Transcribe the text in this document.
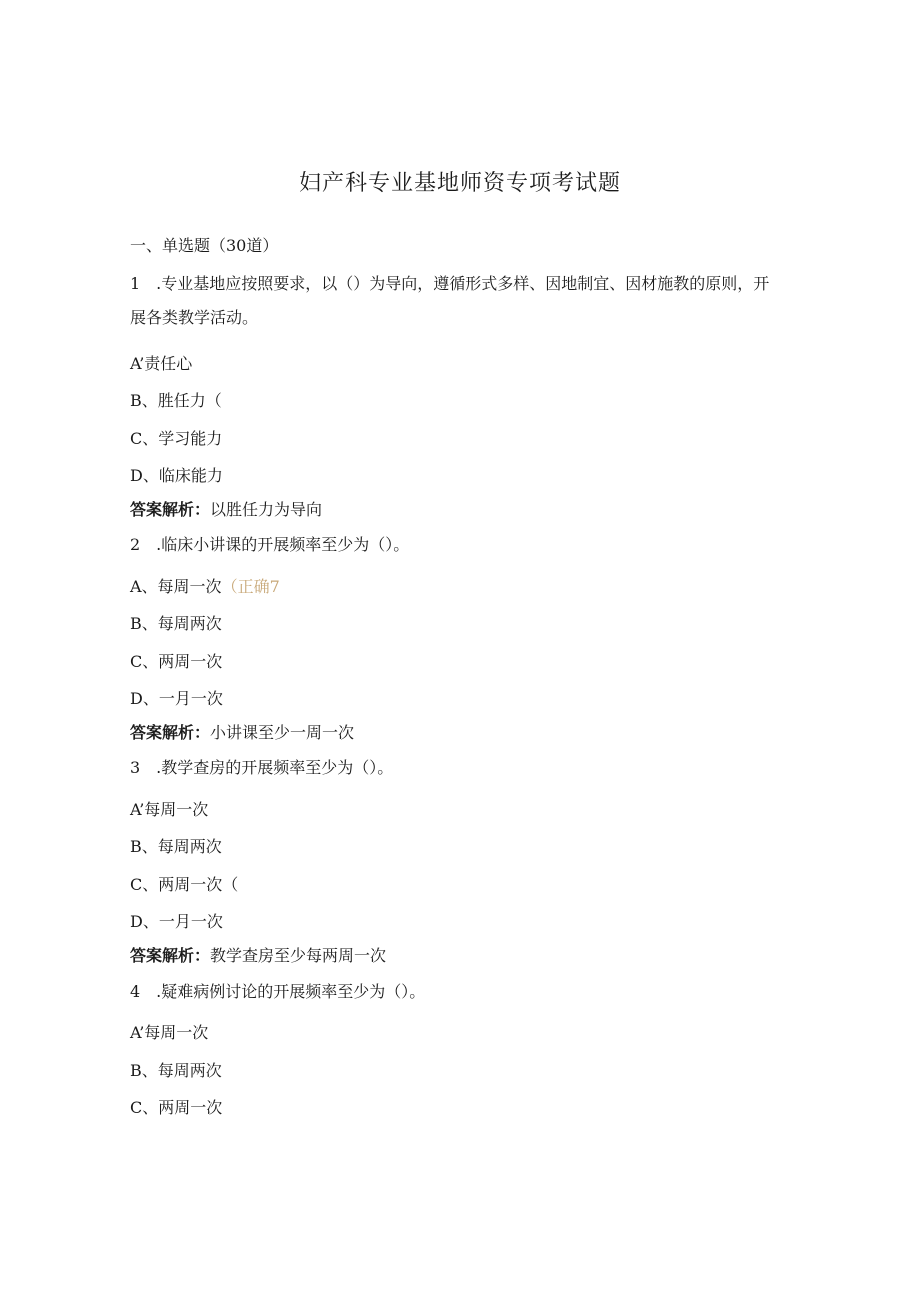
妇产科专业基地师资专项考试题
一、单选题（30道）
1　.专业基地应按照要求，以（）为导向，遵循形式多样、因地制宜、因材施教的原则，开展各类教学活动。
A’责任心
B、胜任力（
C、学习能力
D、临床能力
答案解析：以胜任力为导向
2　.临床小讲课的开展频率至少为（）。
A、每周一次（正确7
B、每周两次
C、两周一次
D、一月一次
答案解析：小讲课至少一周一次
3　.教学查房的开展频率至少为（）。
A’每周一次
B、每周两次
C、两周一次（
D、一月一次
答案解析：教学查房至少每两周一次
4　.疑难病例讨论的开展频率至少为（）。
A’每周一次
B、每周两次
C、两周一次
